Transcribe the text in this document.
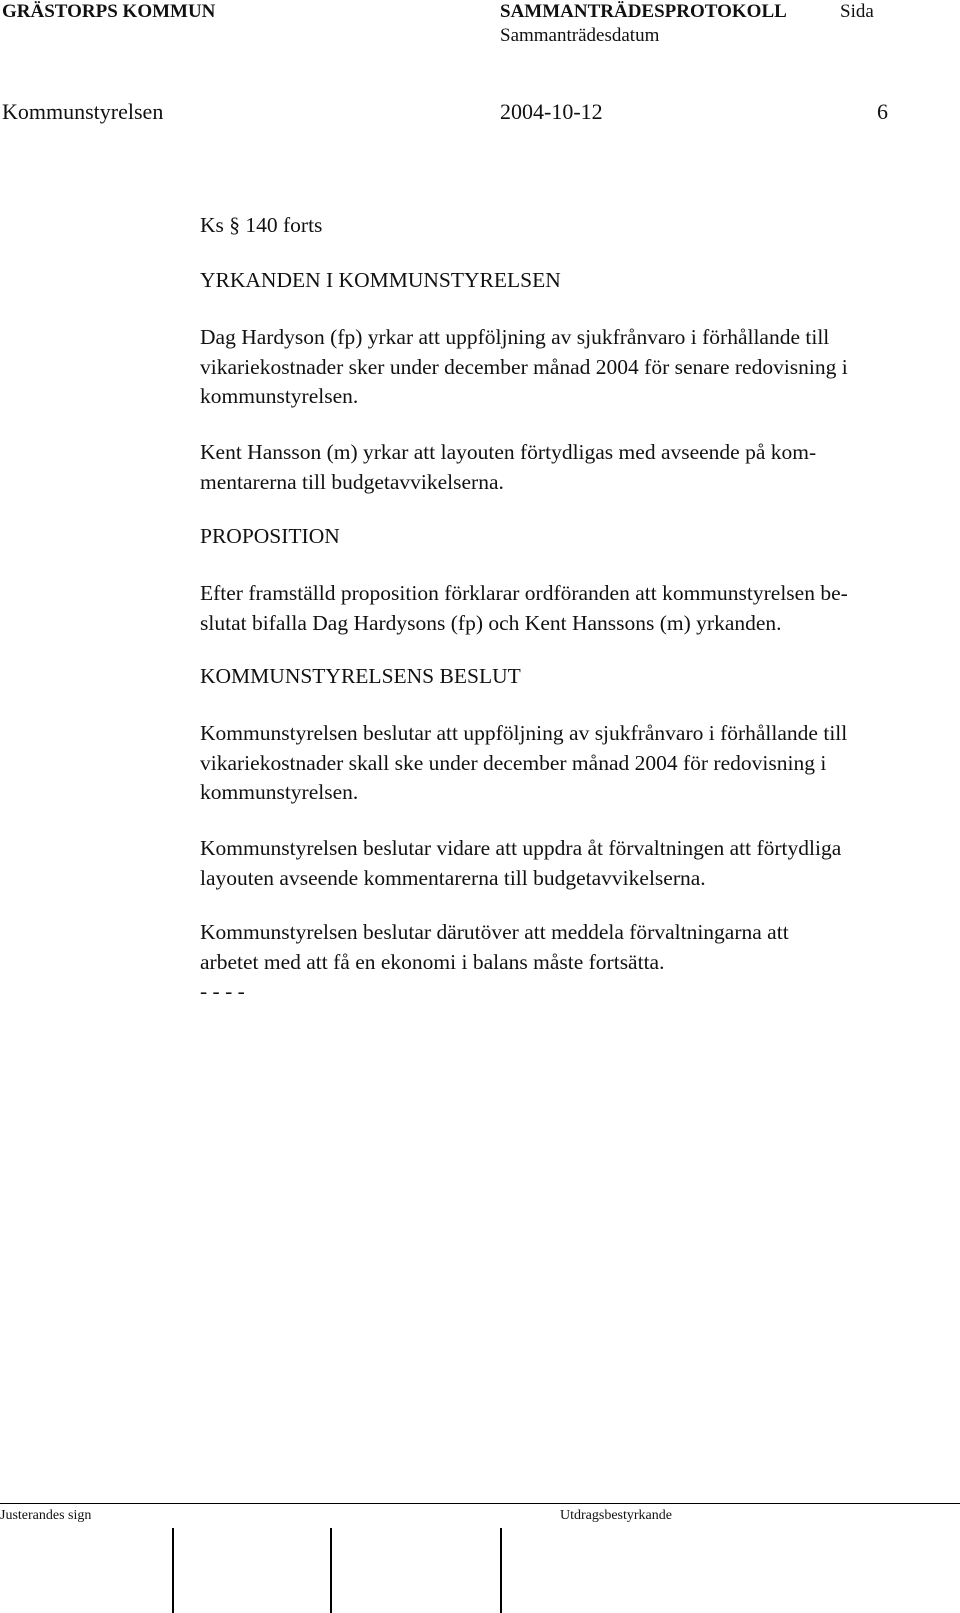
GRÄSTORPS KOMMUN	SAMMANTRÄDESPROTOKOLL	Sida
Sammanträdesdatum
Kommunstyrelsen	2004-10-12	6
Ks § 140 forts
YRKANDEN I KOMMUNSTYRELSEN
Dag Hardyson (fp) yrkar att uppföljning av sjukfrånvaro i förhållande till
vikariekostnader sker under december månad 2004 för senare redovisning i
kommunstyrelsen.
Kent Hansson (m) yrkar att layouten förtydligas med avseende på kom-
mentarerna till budgetavvikelserna.
PROPOSITION
Efter framställd proposition förklarar ordföranden att kommunstyrelsen be-
slutat bifalla Dag Hardysons (fp) och Kent Hanssons (m) yrkanden.
KOMMUNSTYRELSENS BESLUT
Kommunstyrelsen beslutar att uppföljning av sjukfrånvaro i förhållande till
vikariekostnader skall ske under december månad 2004 för redovisning i
kommunstyrelsen.
Kommunstyrelsen beslutar vidare att uppdra åt förvaltningen att förtydliga
layouten avseende kommentarerna till budgetavvikelserna.
Kommunstyrelsen beslutar därutöver att meddela förvaltningarna att
arbetet med att få en ekonomi i balans måste fortsätta.
- - - -
Justerandes sign	Utdragsbestyrkande
